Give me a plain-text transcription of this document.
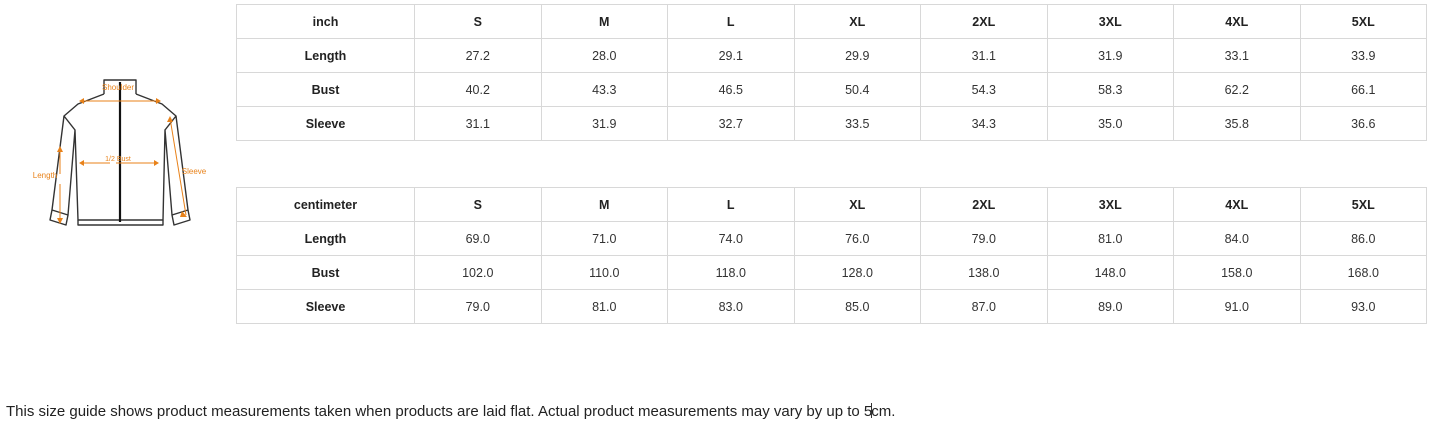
Shoulder
1/2 Bust
Length	Sleeve
inch	S	M	L	XL	2XL	3XL	4XL	5XL
Length	27.2	28.0	29.1	29.9	31.1	31.9	33.1	33.9
Bust	40.2	43.3	46.5	50.4	54.3	58.3	62.2	66.1
Sleeve	31.1	31.9	32.7	33.5	34.3	35.0	35.8	36.6
centimeter	S	M	L	XL	2XL	3XL	4XL	5XL
Length	69.0	71.0	74.0	76.0	79.0	81.0	84.0	86.0
Bust	102.0	110.0	118.0	128.0	138.0	148.0	158.0	168.0
Sleeve	79.0	81.0	83.0	85.0	87.0	89.0	91.0	93.0
This size guide shows product measurements taken when products are laid flat. Actual product measurements may vary by up to 5cm.
